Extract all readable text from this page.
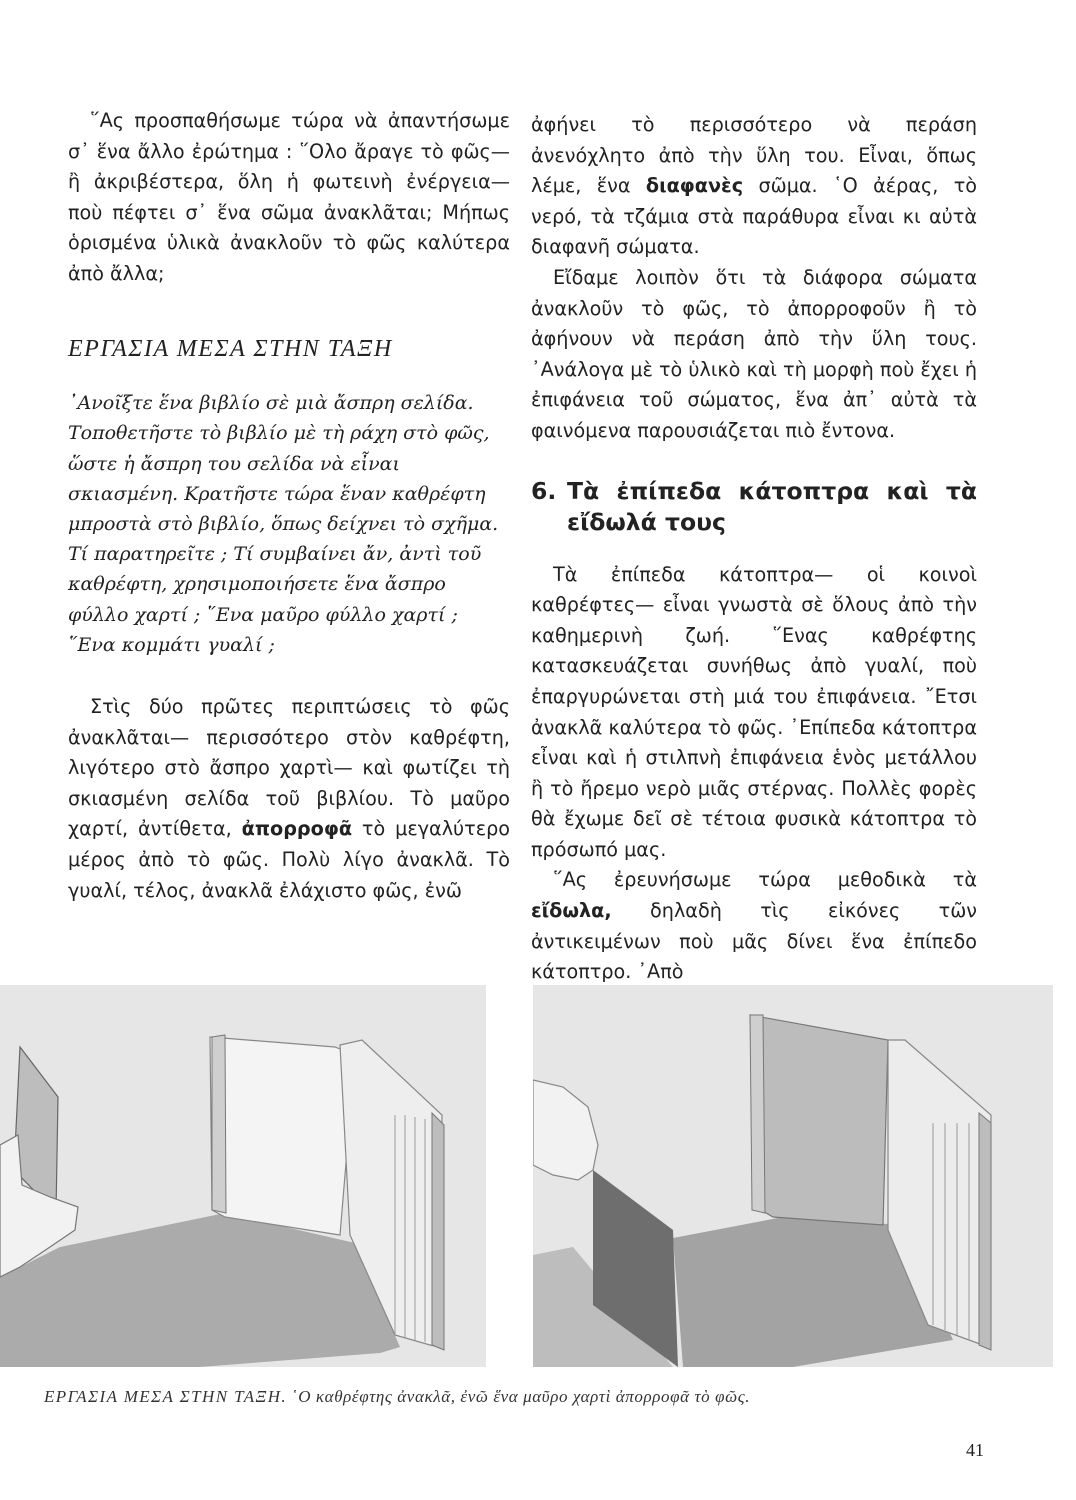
῞Ας προσπαθήσωμε τώρα νὰ ἀπαντήσωμε σ᾽ ἕνα ἄλλο ἐρώτημα : ῞Ολο ἄραγε τὸ φῶς— ἢ ἀκριβέστερα, ὅλη ἡ φωτεινὴ ἐνέργεια— ποὺ πέφτει σ᾽ ἕνα σῶμα ἀνακλᾶται; Μήπως ὁρισμένα ὑλικὰ ἀνακλοῦν τὸ φῶς καλύτερα ἀπὸ ἄλλα;

ΕΡΓΑΣΙΑ ΜΕΣΑ ΣΤΗΝ ΤΑΞΗ

᾽Ανοῖξτε ἕνα βιβλίο σὲ μιὰ ἄσπρη σελίδα. Τοποθετῆστε τὸ βιβλίο μὲ τὴ ράχη στὸ φῶς, ὥστε ἡ ἄσπρη του σελίδα νὰ εἶναι σκιασμένη. Κρατῆστε τώρα ἕναν καθρέφτη μπροστὰ στὸ βιβλίο, ὅπως δείχνει τὸ σχῆμα. Τί παρατηρεῖτε ; Τί συμβαίνει ἄν, ἀντὶ τοῦ καθρέφτη, χρησιμοποιήσετε ἕνα ἄσπρο φύλλο χαρτί ; ῞Ενα μαῦρο φύλλο χαρτί ; ῞Ενα κομμάτι γυαλί ;

Στὶς δύο πρῶτες περιπτώσεις τὸ φῶς ἀνακλᾶται— περισσότερο στὸν καθρέφτη, λιγότερο στὸ ἄσπρο χαρτὶ— καὶ φωτίζει τὴ σκιασμένη σελίδα τοῦ βιβλίου. Τὸ μαῦρο χαρτί, ἀντίθετα, ἀπορροφᾶ τὸ μεγαλύτερο μέρος ἀπὸ τὸ φῶς. Πολὺ λίγο ἀνακλᾶ. Τὸ γυαλί, τέλος, ἀνακλᾶ ἐλάχιστο φῶς, ἐνῶ

ἀφήνει τὸ περισσότερο νὰ περάση ἀνενόχλητο ἀπὸ τὴν ὕλη του. Εἶναι, ὅπως λέμε, ἕνα διαφανὲς σῶμα. ῾Ο ἀέρας, τὸ νερό, τὰ τζάμια στὰ παράθυρα εἶναι κι αὐτὰ διαφανῆ σώματα.

Εἴδαμε λοιπὸν ὅτι τὰ διάφορα σώματα ἀνακλοῦν τὸ φῶς, τὸ ἀπορροφοῦν ἢ τὸ ἀφήνουν νὰ περάση ἀπὸ τὴν ὕλη τους. ᾽Ανάλογα μὲ τὸ ὑλικὸ καὶ τὴ μορφὴ ποὺ ἔχει ἡ ἐπιφάνεια τοῦ σώματος, ἕνα ἀπ᾽ αὐτὰ τὰ φαινόμενα παρουσιάζεται πιὸ ἔντονα.

6. Τὰ ἐπίπεδα κάτοπτρα καὶ τὰ εἴδωλά τους

Τὰ ἐπίπεδα κάτοπτρα— οἱ κοινοὶ καθρέφτες— εἶναι γνωστὰ σὲ ὅλους ἀπὸ τὴν καθημερινὴ ζωή. ῞Ενας καθρέφτης κατασκευάζεται συνήθως ἀπὸ γυαλί, ποὺ ἐπαργυρώνεται στὴ μιά του ἐπιφάνεια. ῎Ετσι ἀνακλᾶ καλύτερα τὸ φῶς. ᾽Επίπεδα κάτοπτρα εἶναι καὶ ἡ στιλπνὴ ἐπιφάνεια ἑνὸς μετάλλου ἢ τὸ ἤρεμο νερὸ μιᾶς στέρνας. Πολλὲς φορὲς θὰ ἔχωμε δεῖ σὲ τέτοια φυσικὰ κάτοπτρα τὸ πρόσωπό μας.

῞Ας ἐρευνήσωμε τώρα μεθοδικὰ τὰ εἴδωλα, δηλαδὴ τὶς εἰκόνες τῶν ἀντικειμένων ποὺ μᾶς δίνει ἕνα ἐπίπεδο κάτοπτρο. ᾽Απὸ

ΕΡΓΑΣΙΑ ΜΕΣΑ ΣΤΗΝ ΤΑΞΗ. ῾Ο καθρέφτης ἀνακλᾶ, ἐνῶ ἕνα μαῦρο χαρτὶ ἀπορροφᾶ τὸ φῶς.
41
